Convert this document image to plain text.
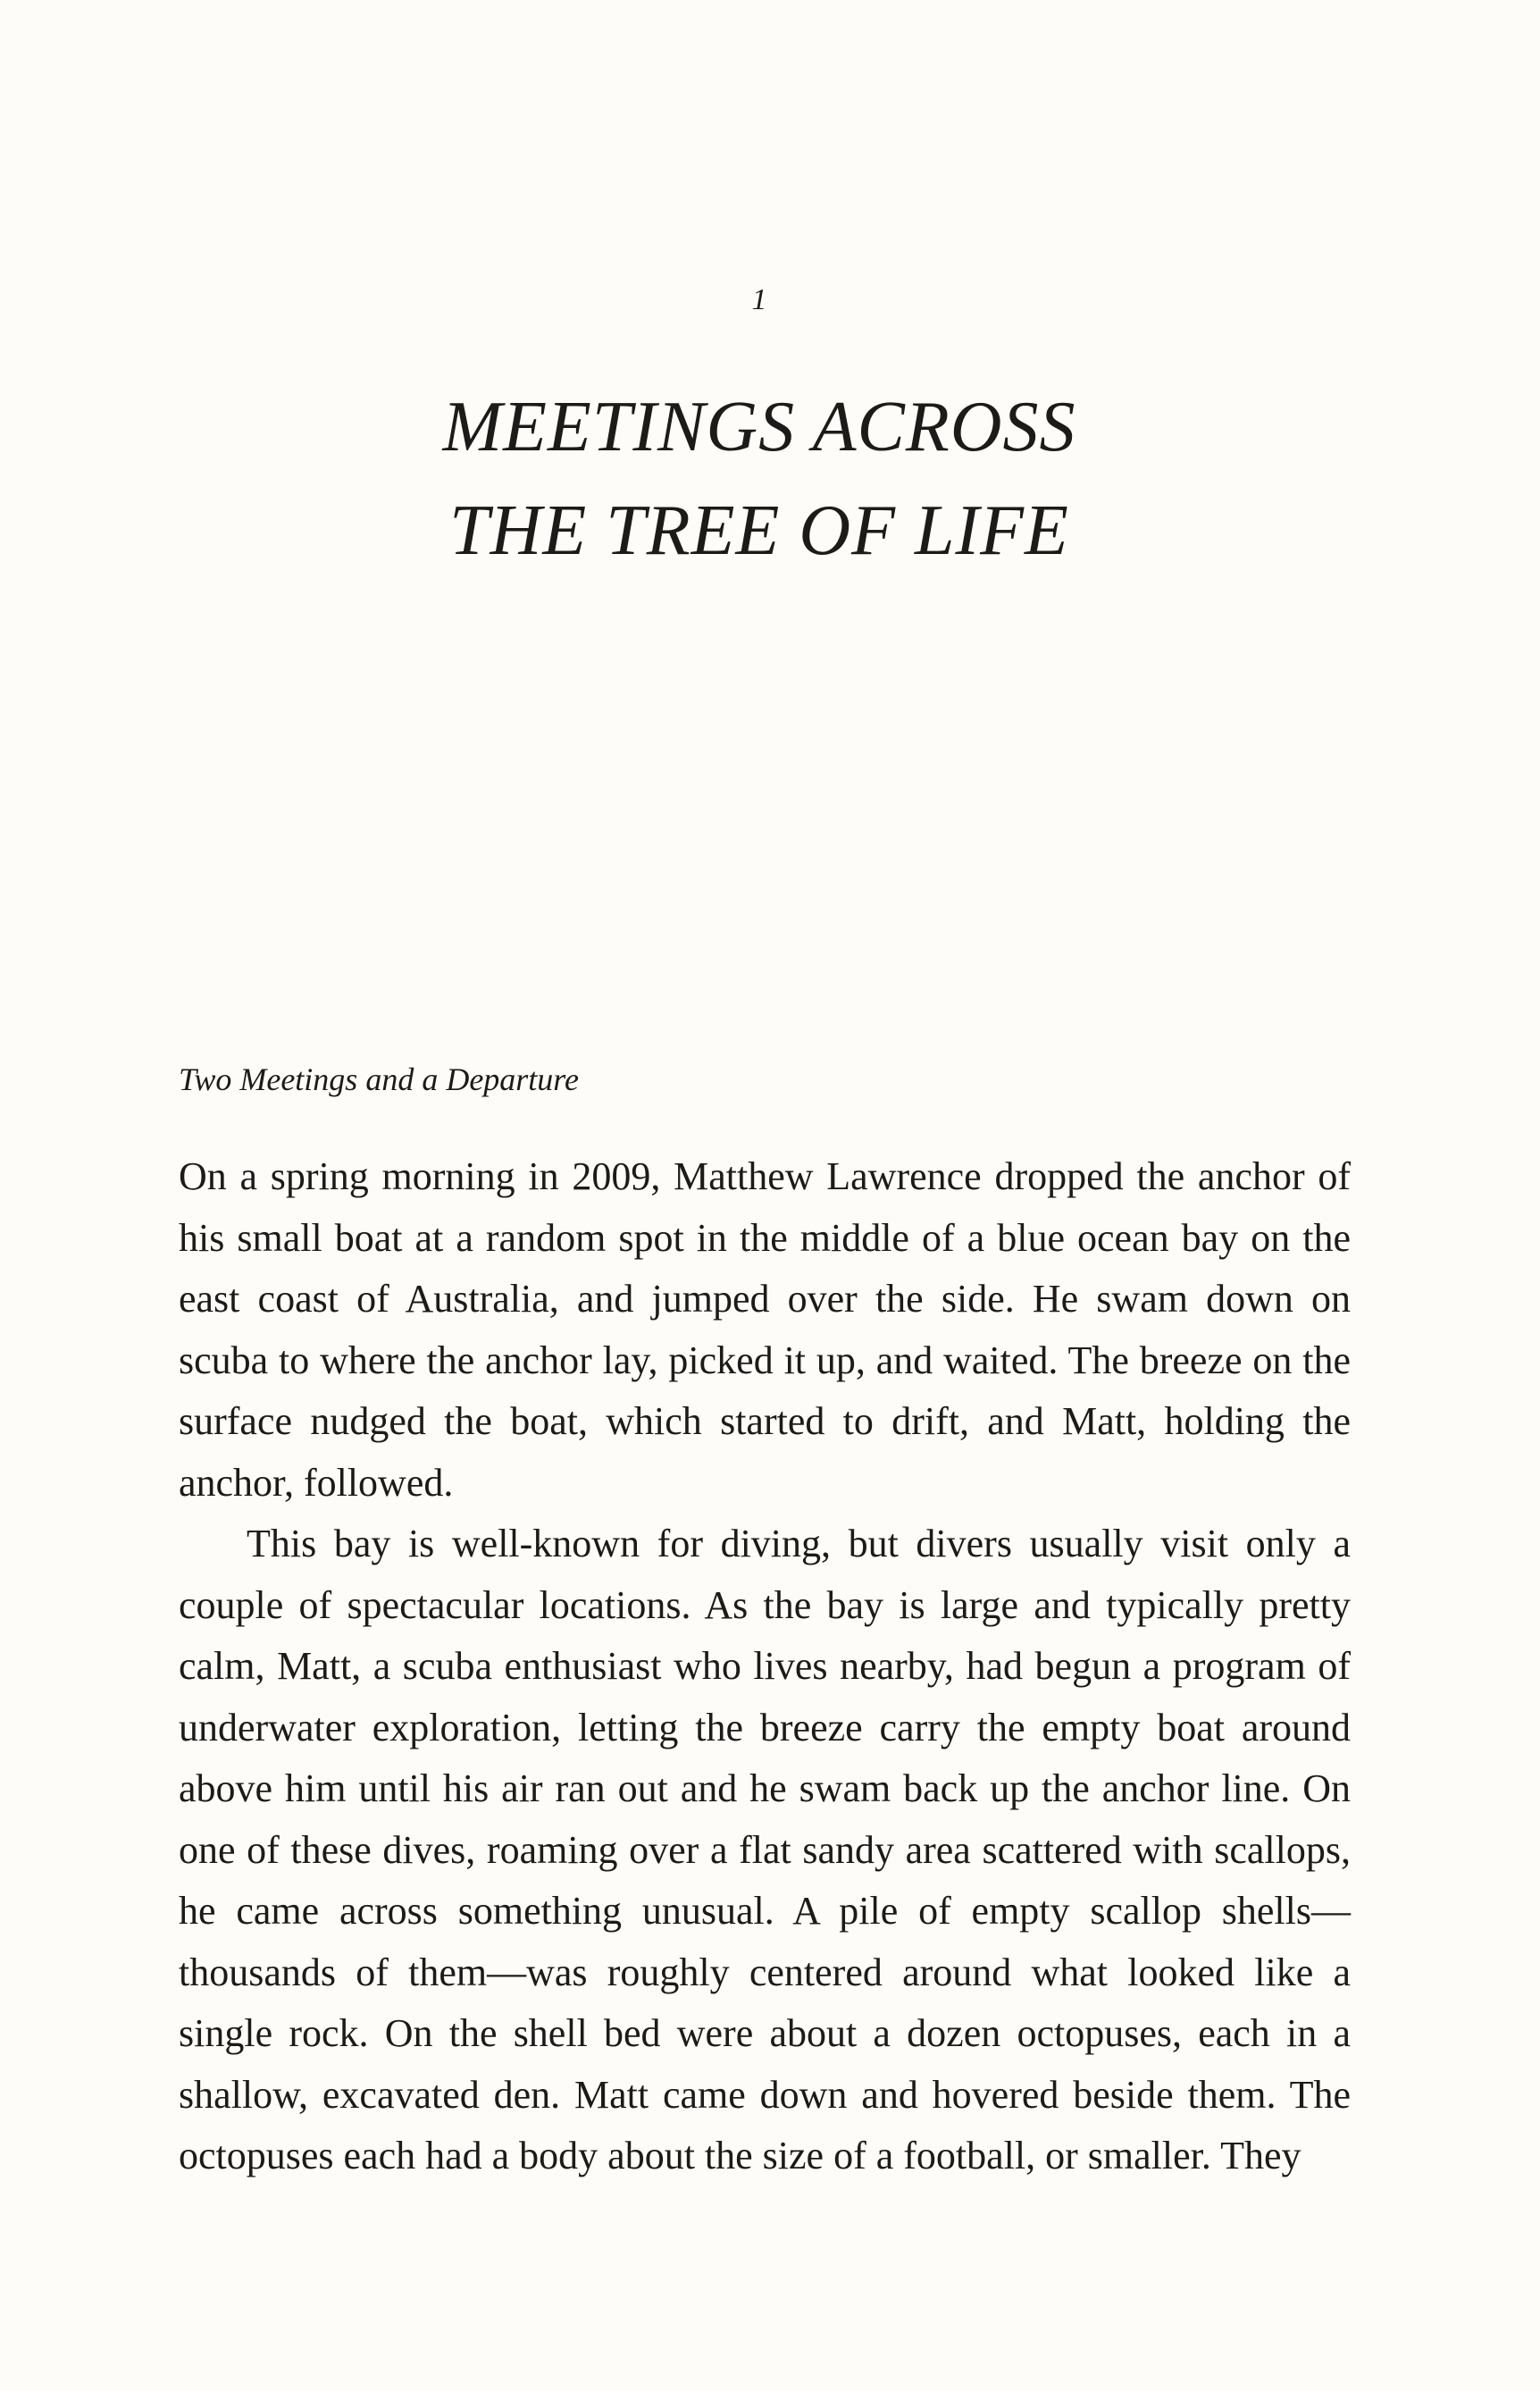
1
MEETINGS ACROSS
THE TREE OF LIFE
Two Meetings and a Departure

On a spring morning in 2009, Matthew Lawrence dropped the anchor of his small boat at a random spot in the middle of a blue ocean bay on the east coast of Australia, and jumped over the side. He swam down on scuba to where the anchor lay, picked it up, and waited. The breeze on the surface nudged the boat, which started to drift, and Matt, holding the anchor, followed.

This bay is well-known for diving, but divers usually visit only a couple of spectacular locations. As the bay is large and typically pretty calm, Matt, a scuba enthusiast who lives nearby, had begun a program of underwater exploration, letting the breeze carry the empty boat around above him until his air ran out and he swam back up the anchor line. On one of these dives, roaming over a flat sandy area scattered with scallops, he came across something unusual. A pile of empty scallop shells—thousands of them—was roughly centered around what looked like a single rock. On the shell bed were about a dozen octopuses, each in a shallow, excavated den. Matt came down and hovered beside them. The octopuses each had a body about the size of a football, or smaller. They
